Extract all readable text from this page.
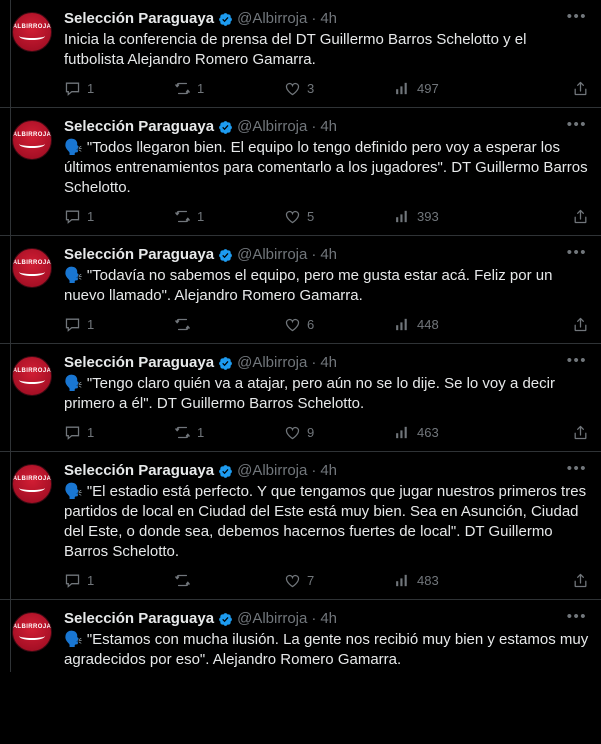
ALBIRROJA Selección Paraguaya @Albirroja · 4h	•••
Inicia la conferencia de prensa del DT Guillermo Barros Schelotto y el futbolista Alejandro Romero Gamarra.
1	1	3	497
ALBIRROJA Selección Paraguaya @Albirroja · 4h	•••
🗣️ "Todos llegaron bien. El equipo lo tengo definido pero voy a esperar los últimos entrenamientos para comentarlo a los jugadores". DT Guillermo Barros Schelotto.
1	1	5	393
ALBIRROJA Selección Paraguaya @Albirroja · 4h	•••
🗣️ "Todavía no sabemos el equipo, pero me gusta estar acá. Feliz por un nuevo llamado". Alejandro Romero Gamarra.
1	6	448
ALBIRROJA Selección Paraguaya @Albirroja · 4h	•••
🗣️ "Tengo claro quién va a atajar, pero aún no se lo dije. Se lo voy a decir primero a él". DT Guillermo Barros Schelotto.
1	1	9	463
ALBIRROJA Selección Paraguaya @Albirroja · 4h	•••
🗣️ "El estadio está perfecto. Y que tengamos que jugar nuestros primeros tres partidos de local en Ciudad del Este está muy bien. Sea en Asunción, Ciudad del Este, o donde sea, debemos hacernos fuertes de local". DT Guillermo Barros Schelotto.
1	7	483
ALBIRROJA Selección Paraguaya @Albirroja · 4h	•••
🗣️ "Estamos con mucha ilusión. La gente nos recibió muy bien y estamos muy agradecidos por eso". Alejandro Romero Gamarra.
